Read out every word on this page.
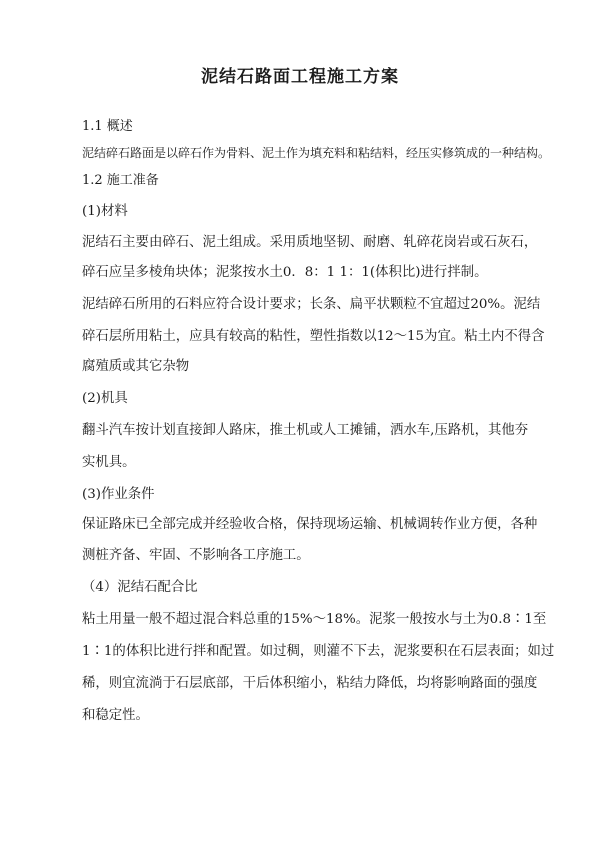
泥结石路面工程施工方案
1.1 概述
泥结碎石路面是以碎石作为骨料、泥土作为填充料和粘结料，经压实修筑成的一种结构。
1.2 施工准备
(1)材料
泥结石主要由碎石、泥土组成。采用质地坚韧、耐磨、轧碎花岗岩或石灰石，
碎石应呈多棱角块体；泥浆按水土0．8：1 1：1(体积比)进行拌制。
泥结碎石所用的石料应符合设计要求；长条、扁平状颗粒不宜超过20%。泥结
碎石层所用粘土，应具有较高的粘性，塑性指数以12～15为宜。粘土内不得含
腐殖质或其它杂物
(2)机具
翻斗汽车按计划直接卸人路床，推土机或人工摊铺，洒水车,压路机，其他夯
实机具。
(3)作业条件
保证路床已全部完成并经验收合格，保持现场运输、机械调转作业方便，各种
测桩齐备、牢固、不影响各工序施工。
（4）泥结石配合比
粘土用量一般不超过混合料总重的15%～18%。泥浆一般按水与土为0.8∶1至
1∶1的体积比进行拌和配置。如过稠，则灌不下去，泥浆要积在石层表面；如过
稀，则宜流淌于石层底部，干后体积缩小，粘结力降低，均将影响路面的强度
和稳定性。
